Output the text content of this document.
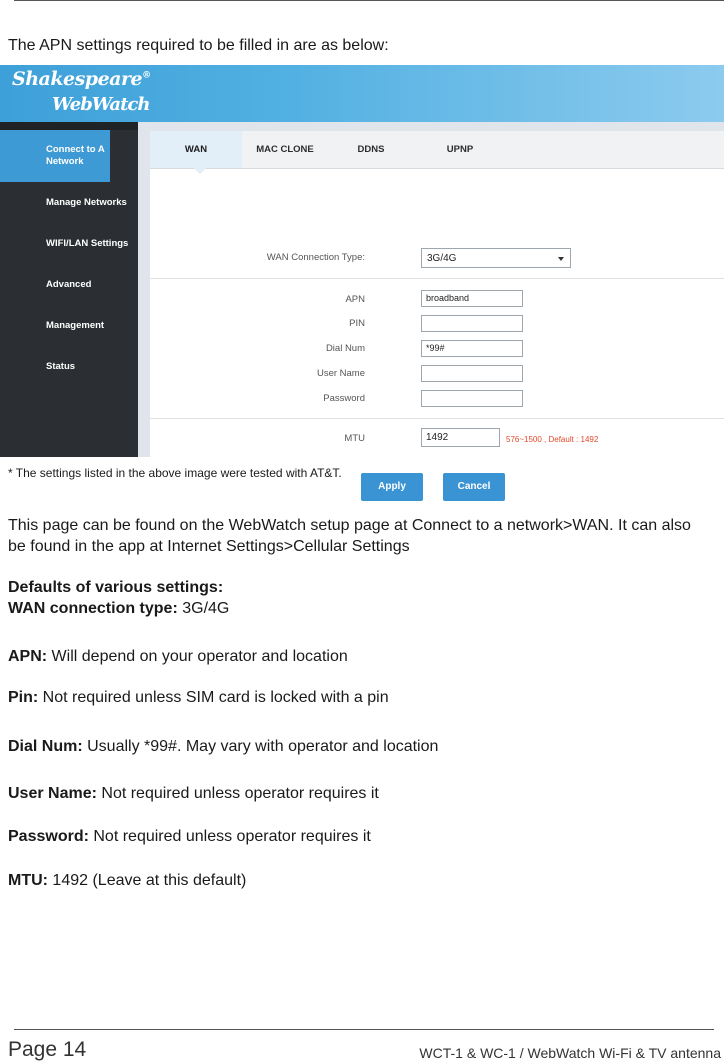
The APN settings required to be filled in are as below:
Shakespeare®
WebWatch
Connect to A Network
Manage Networks
WIFI/LAN Settings
Advanced
Management
Status
WAN	MAC CLONE	DDNS	UPNP
WAN Connection Type:	3G/4G
APN	broadband
PIN
Dial Num	*99#
User Name
Password
MTU	1492	576~1500 , Default : 1492
Apply	Cancel
* The settings listed in the above image were tested with AT&T.
This page can be found on the WebWatch setup page at Connect to a network>WAN. It can also be found in the app at Internet Settings>Cellular Settings
Defaults of various settings:
WAN connection type: 3G/4G
APN: Will depend on your operator and location
Pin: Not required unless SIM card is locked with a pin
Dial Num: Usually *99#. May vary with operator and location
User Name: Not required unless operator requires it
Password: Not required unless operator requires it
MTU: 1492 (Leave at this default)
Page 14	WCT-1 & WC-1 / WebWatch Wi-Fi & TV antenna
